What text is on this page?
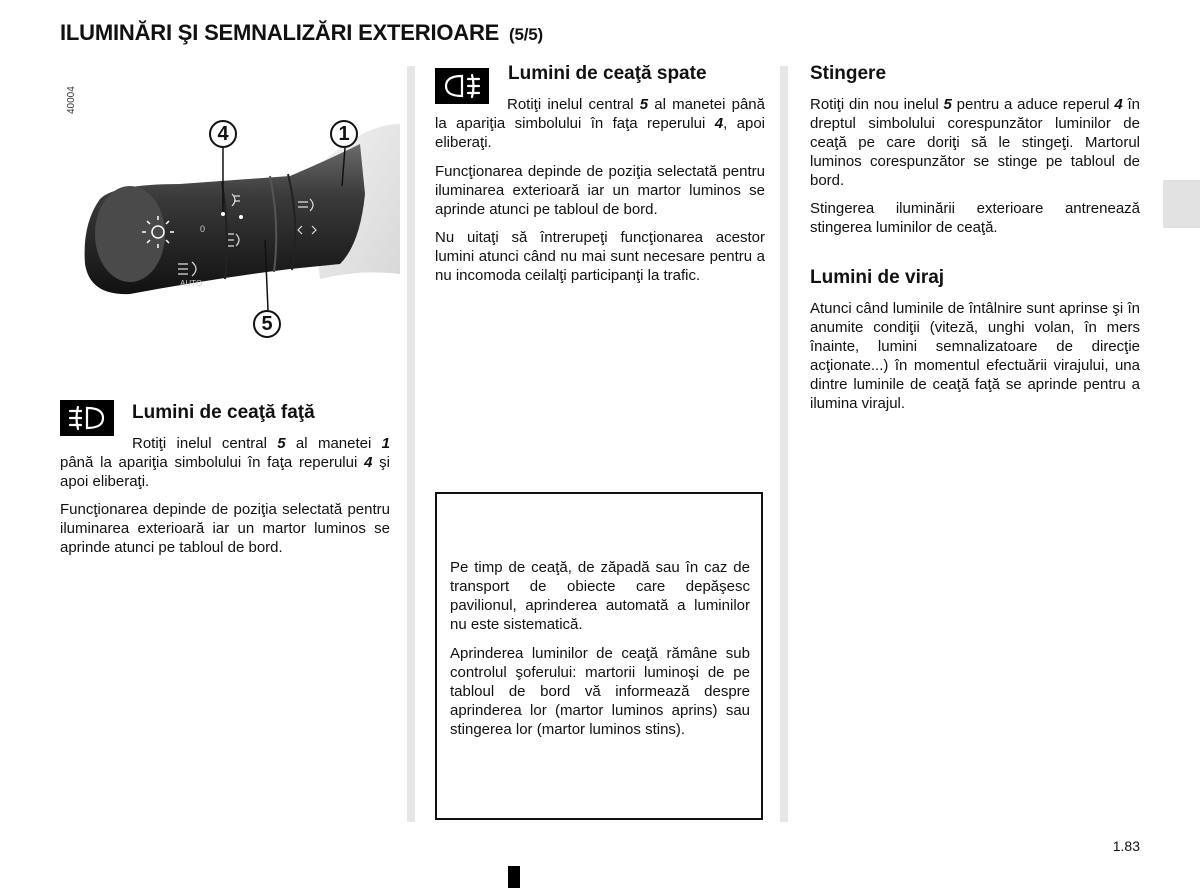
ILUMINĂRI ŞI SEMNALIZĂRI EXTERIOARE (5/5)
40004
0
AUTO
4	1
5
Lumini de ceaţă faţă

Rotiţi inelul central 5 al manetei 1 până la apariţia simbolului în faţa reperului 4 şi apoi eliberaţi.

Funcţionarea depinde de poziţia selectată pentru iluminarea exterioară iar un martor luminos se aprinde atunci pe tabloul de bord.

Lumini de ceaţă spate

Rotiţi inelul central 5 al manetei până la apariţia simbolului în faţa reperului 4, apoi eliberaţi.

Funcţionarea depinde de poziţia selectată pentru iluminarea exterioară iar un martor luminos se aprinde atunci pe tabloul de bord.

Nu uitaţi să întrerupeţi funcţionarea acestor lumini atunci când nu mai sunt necesare pentru a nu incomoda ceilalţi participanţi la trafic.

Pe timp de ceaţă, de zăpadă sau în caz de transport de obiecte care depăşesc pavilionul, aprinderea automată a luminilor nu este sistematică.

Aprinderea luminilor de ceaţă rămâne sub controlul şoferului: martorii luminoşi de pe tabloul de bord vă informează despre aprinderea lor (martor luminos aprins) sau stingerea lor (martor luminos stins).

Stingere

Rotiţi din nou inelul 5 pentru a aduce reperul 4 în dreptul simbolului corespunzător luminilor de ceaţă pe care doriţi să le stingeţi. Martorul luminos corespunzător se stinge pe tabloul de bord.

Stingerea iluminării exterioare antrenează stingerea luminilor de ceaţă.

Lumini de viraj

Atunci când luminile de întâlnire sunt aprinse şi în anumite condiţii (viteză, unghi volan, în mers înainte, lumini semnalizatoare de direcţie acţionate...) în momentul efectuării virajului, una dintre luminile de ceaţă faţă se aprinde pentru a ilumina virajul.

1.83
